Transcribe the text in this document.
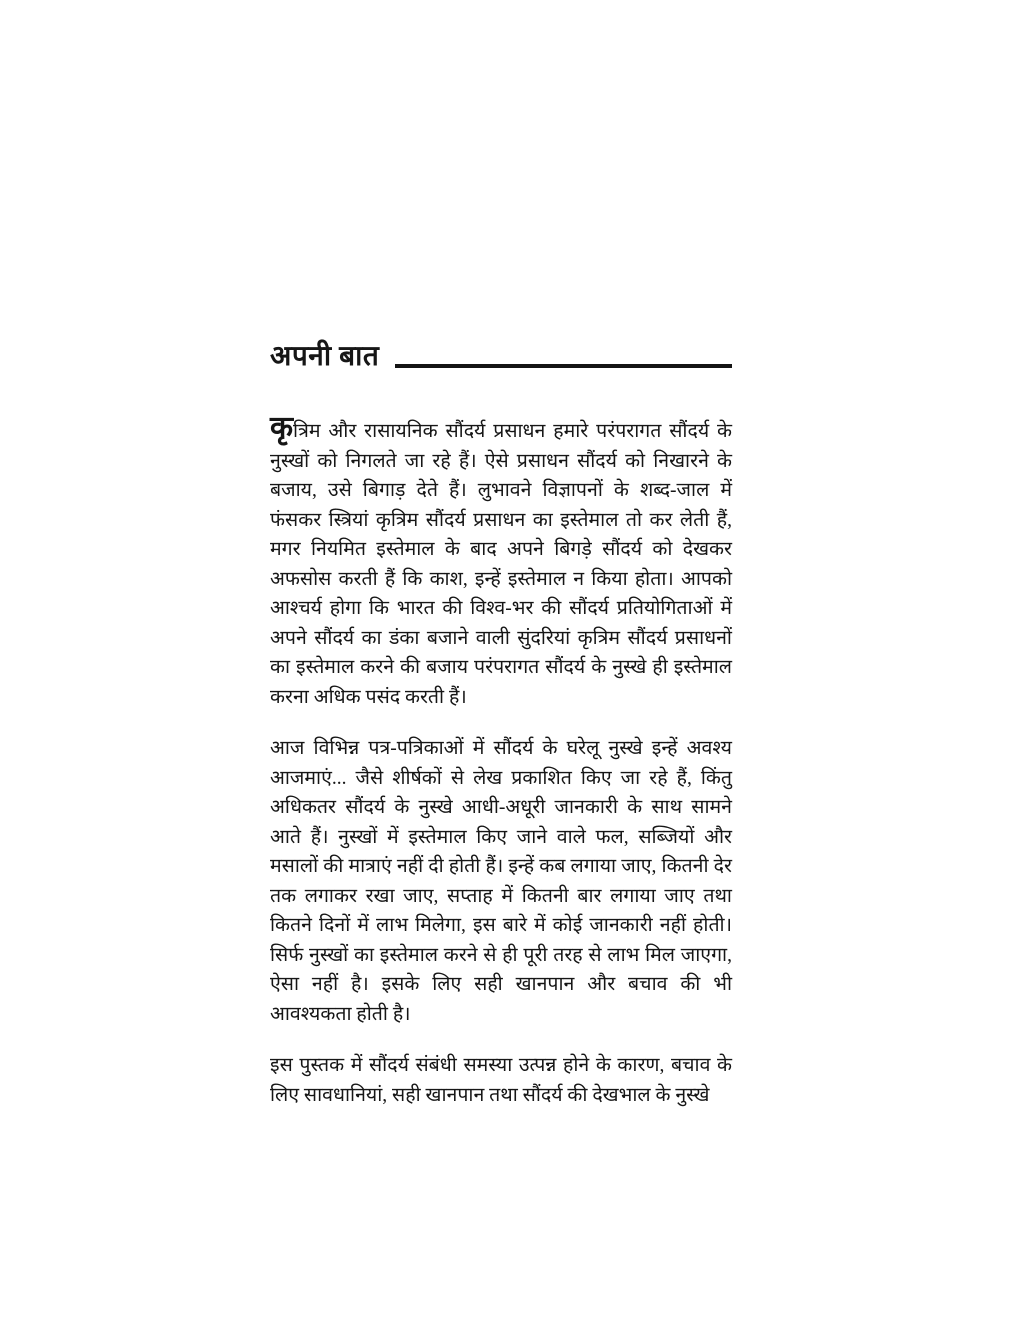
अपनी बात

कृत्रिम और रासायनिक सौंदर्य प्रसाधन हमारे परंपरागत सौंदर्य के नुस्खों को निगलते जा रहे हैं। ऐसे प्रसाधन सौंदर्य को निखारने के बजाय, उसे बिगाड़ देते हैं। लुभावने विज्ञापनों के शब्द-जाल में फंसकर स्त्रियां कृत्रिम सौंदर्य प्रसाधन का इस्तेमाल तो कर लेती हैं, मगर नियमित इस्तेमाल के बाद अपने बिगड़े सौंदर्य को देखकर अफसोस करती हैं कि काश, इन्हें इस्तेमाल न किया होता। आपको आश्चर्य होगा कि भारत की विश्व-भर की सौंदर्य प्रतियोगिताओं में अपने सौंदर्य का डंका बजाने वाली सुंदरियां कृत्रिम सौंदर्य प्रसाधनों का इस्तेमाल करने की बजाय परंपरागत सौंदर्य के नुस्खे ही इस्तेमाल करना अधिक पसंद करती हैं।

आज विभिन्न पत्र-पत्रिकाओं में सौंदर्य के घरेलू नुस्खे इन्हें अवश्य आजमाएं... जैसे शीर्षकों से लेख प्रकाशित किए जा रहे हैं, किंतु अधिकतर सौंदर्य के नुस्खे आधी-अधूरी जानकारी के साथ सामने आते हैं। नुस्खों में इस्तेमाल किए जाने वाले फल, सब्जियों और मसालों की मात्राएं नहीं दी होती हैं। इन्हें कब लगाया जाए, कितनी देर तक लगाकर रखा जाए, सप्ताह में कितनी बार लगाया जाए तथा कितने दिनों में लाभ मिलेगा, इस बारे में कोई जानकारी नहीं होती। सिर्फ नुस्खों का इस्तेमाल करने से ही पूरी तरह से लाभ मिल जाएगा, ऐसा नहीं है। इसके लिए सही खानपान और बचाव की भी आवश्यकता होती है।

इस पुस्तक में सौंदर्य संबंधी समस्या उत्पन्न होने के कारण, बचाव के लिए सावधानियां, सही खानपान तथा सौंदर्य की देखभाल के नुस्खे
